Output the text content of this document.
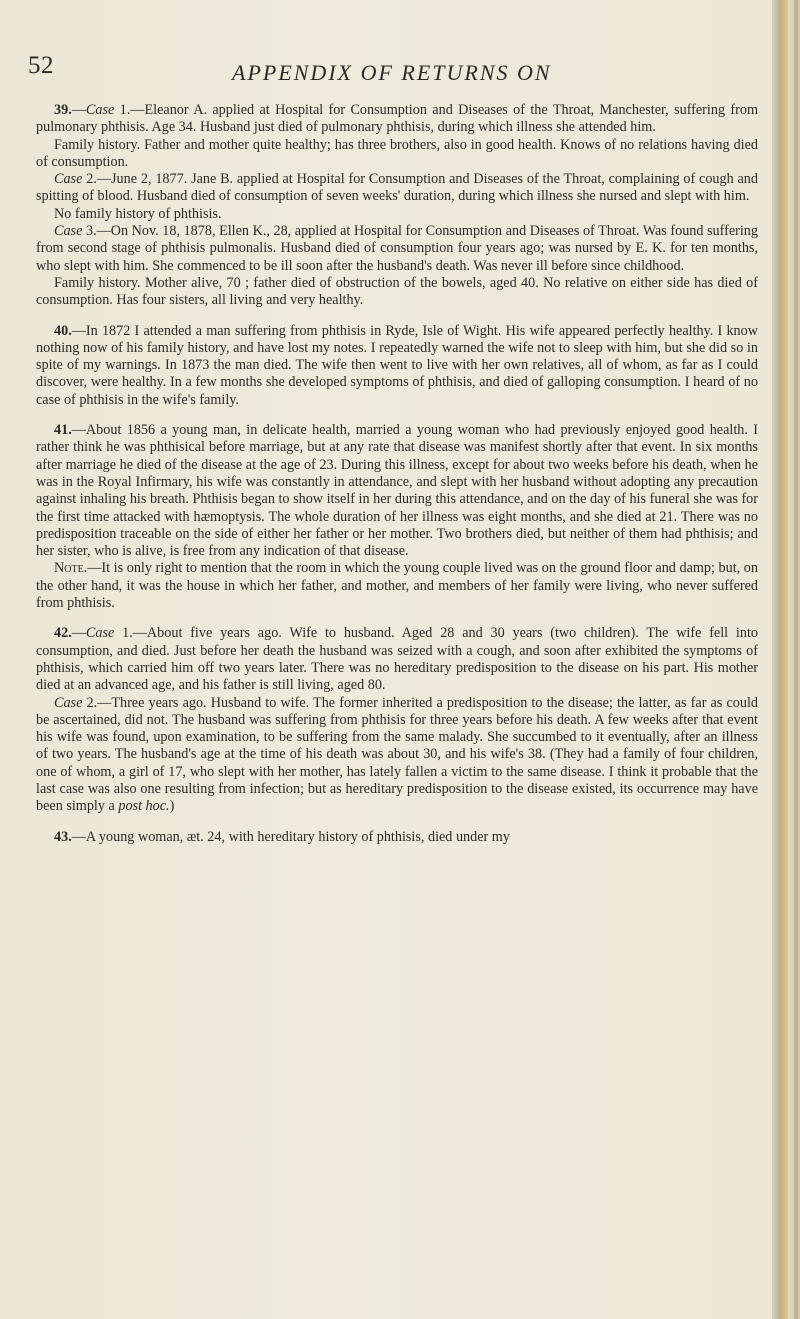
52	APPENDIX OF RETURNS ON

39.—Case 1.—Eleanor A. applied at Hospital for Consumption and Diseases of the Throat, Manchester, suffering from pulmonary phthisis. Age 34. Husband just died of pulmonary phthisis, during which illness she attended him.

Family history. Father and mother quite healthy; has three brothers, also in good health. Knows of no relations having died of consumption.

Case 2.—June 2, 1877. Jane B. applied at Hospital for Consumption and Diseases of the Throat, complaining of cough and spitting of blood. Husband died of consumption of seven weeks' duration, during which illness she nursed and slept with him.

No family history of phthisis.

Case 3.—On Nov. 18, 1878, Ellen K., 28, applied at Hospital for Consumption and Diseases of Throat. Was found suffering from second stage of phthisis pulmonalis. Husband died of consumption four years ago; was nursed by E. K. for ten months, who slept with him. She commenced to be ill soon after the husband's death. Was never ill before since childhood.

Family history. Mother alive, 70 ; father died of obstruction of the bowels, aged 40. No relative on either side has died of consumption. Has four sisters, all living and very healthy.

40.—In 1872 I attended a man suffering from phthisis in Ryde, Isle of Wight. His wife appeared perfectly healthy. I know nothing now of his family history, and have lost my notes. I repeatedly warned the wife not to sleep with him, but she did so in spite of my warnings. In 1873 the man died. The wife then went to live with her own relatives, all of whom, as far as I could discover, were healthy. In a few months she developed symptoms of phthisis, and died of galloping consumption. I heard of no case of phthisis in the wife's family.

41.—About 1856 a young man, in delicate health, married a young woman who had previously enjoyed good health. I rather think he was phthisical before marriage, but at any rate that disease was manifest shortly after that event. In six months after marriage he died of the disease at the age of 23. During this illness, except for about two weeks before his death, when he was in the Royal Infirmary, his wife was constantly in attendance, and slept with her husband without adopting any precaution against inhaling his breath. Phthisis began to show itself in her during this attendance, and on the day of his funeral she was for the first time attacked with hæmoptysis. The whole duration of her illness was eight months, and she died at 21. There was no predisposition traceable on the side of either her father or her mother. Two brothers died, but neither of them had phthisis; and her sister, who is alive, is free from any indication of that disease.

Note.—It is only right to mention that the room in which the young couple lived was on the ground floor and damp; but, on the other hand, it was the house in which her father, and mother, and members of her family were living, who never suffered from phthisis.

42.—Case 1.—About five years ago. Wife to husband. Aged 28 and 30 years (two children). The wife fell into consumption, and died. Just before her death the husband was seized with a cough, and soon after exhibited the symptoms of phthisis, which carried him off two years later. There was no hereditary predisposition to the disease on his part. His mother died at an advanced age, and his father is still living, aged 80.

Case 2.—Three years ago. Husband to wife. The former inherited a predisposition to the disease; the latter, as far as could be ascertained, did not. The husband was suffering from phthisis for three years before his death. A few weeks after that event his wife was found, upon examination, to be suffering from the same malady. She succumbed to it eventually, after an illness of two years. The husband's age at the time of his death was about 30, and his wife's 38. (They had a family of four children, one of whom, a girl of 17, who slept with her mother, has lately fallen a victim to the same disease. I think it probable that the last case was also one resulting from infection; but as hereditary predisposition to the disease existed, its occurrence may have been simply a post hoc.)

43.—A young woman, æt. 24, with hereditary history of phthisis, died under my
